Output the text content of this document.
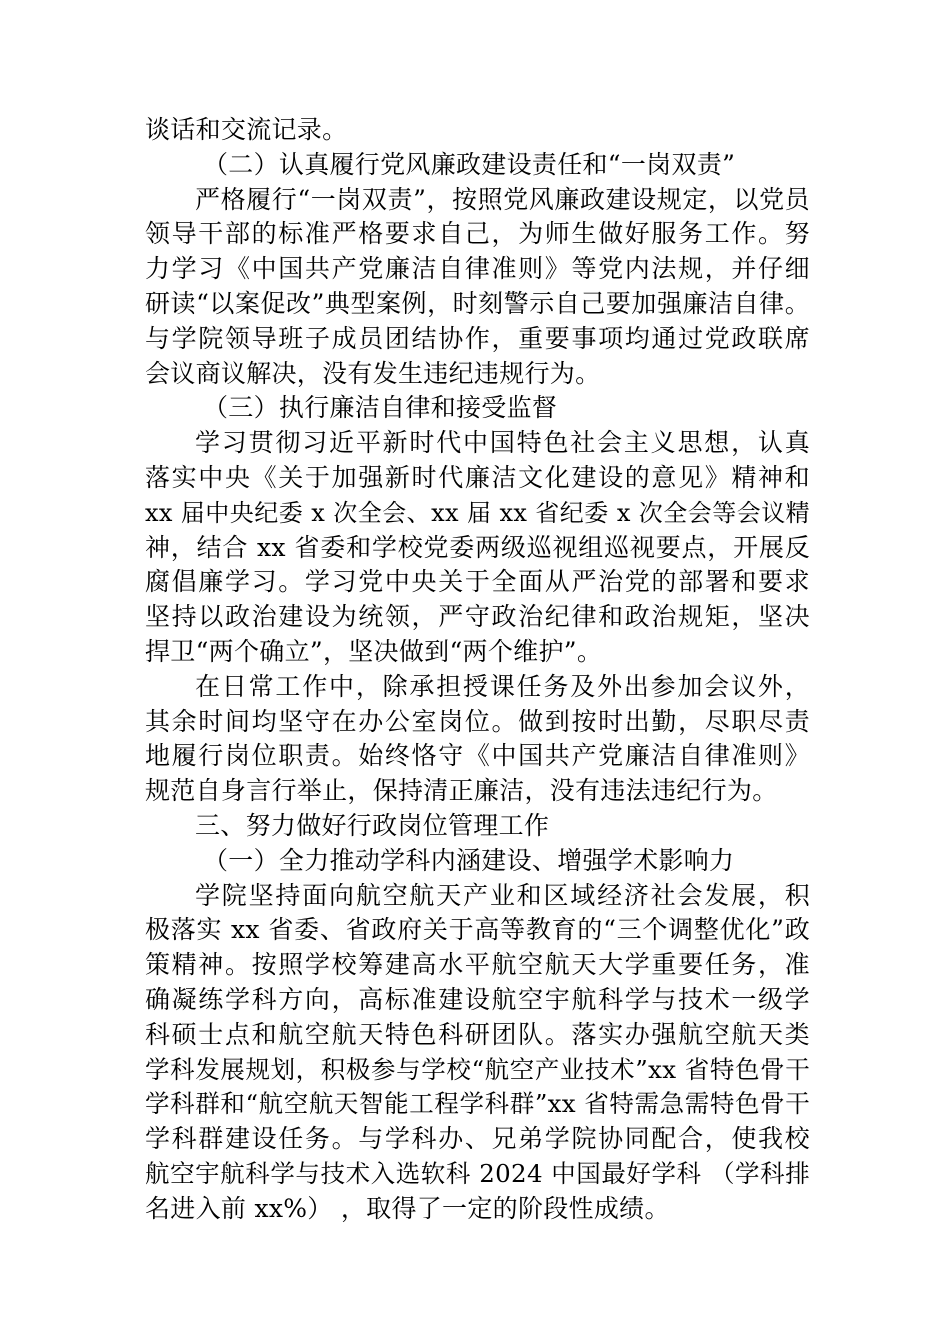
谈话和交流记录。
（二）认真履行党风廉政建设责任和“一岗双责”
严格履行“一岗双责”，按照党风廉政建设规定，以党员
领导干部的标准严格要求自己，为师生做好服务工作。努
力学习《中国共产党廉洁自律准则》等党内法规，并仔细
研读“以案促改”典型案例，时刻警示自己要加强廉洁自律。
与学院领导班子成员团结协作，重要事项均通过党政联席
会议商议解决，没有发生违纪违规行为。
（三）执行廉洁自律和接受监督
学习贯彻习近平新时代中国特色社会主义思想，认真
落实中央《关于加强新时代廉洁文化建设的意见》精神和
xx 届中央纪委 x 次全会、xx 届 xx 省纪委 x 次全会等会议精
神，结合 xx 省委和学校党委两级巡视组巡视要点，开展反
腐倡廉学习。学习党中央关于全面从严治党的部署和要求
坚持以政治建设为统领，严守政治纪律和政治规矩，坚决
捍卫“两个确立”，坚决做到“两个维护”。
在日常工作中，除承担授课任务及外出参加会议外，
其余时间均坚守在办公室岗位。做到按时出勤，尽职尽责
地履行岗位职责。始终恪守《中国共产党廉洁自律准则》
规范自身言行举止，保持清正廉洁，没有违法违纪行为。
三、努力做好行政岗位管理工作
（一）全力推动学科内涵建设、增强学术影响力
学院坚持面向航空航天产业和区域经济社会发展，积
极落实 xx 省委、省政府关于高等教育的“三个调整优化”政
策精神。按照学校筹建高水平航空航天大学重要任务，准
确凝练学科方向，高标准建设航空宇航科学与技术一级学
科硕士点和航空航天特色科研团队。落实办强航空航天类
学科发展规划，积极参与学校“航空产业技术”xx 省特色骨干
学科群和“航空航天智能工程学科群”xx 省特需急需特色骨干
学科群建设任务。与学科办、兄弟学院协同配合，使我校
航空宇航科学与技术入选软科 2024 中国最好学科 （学科排
名进入前 xx%） ，取得了一定的阶段性成绩。
